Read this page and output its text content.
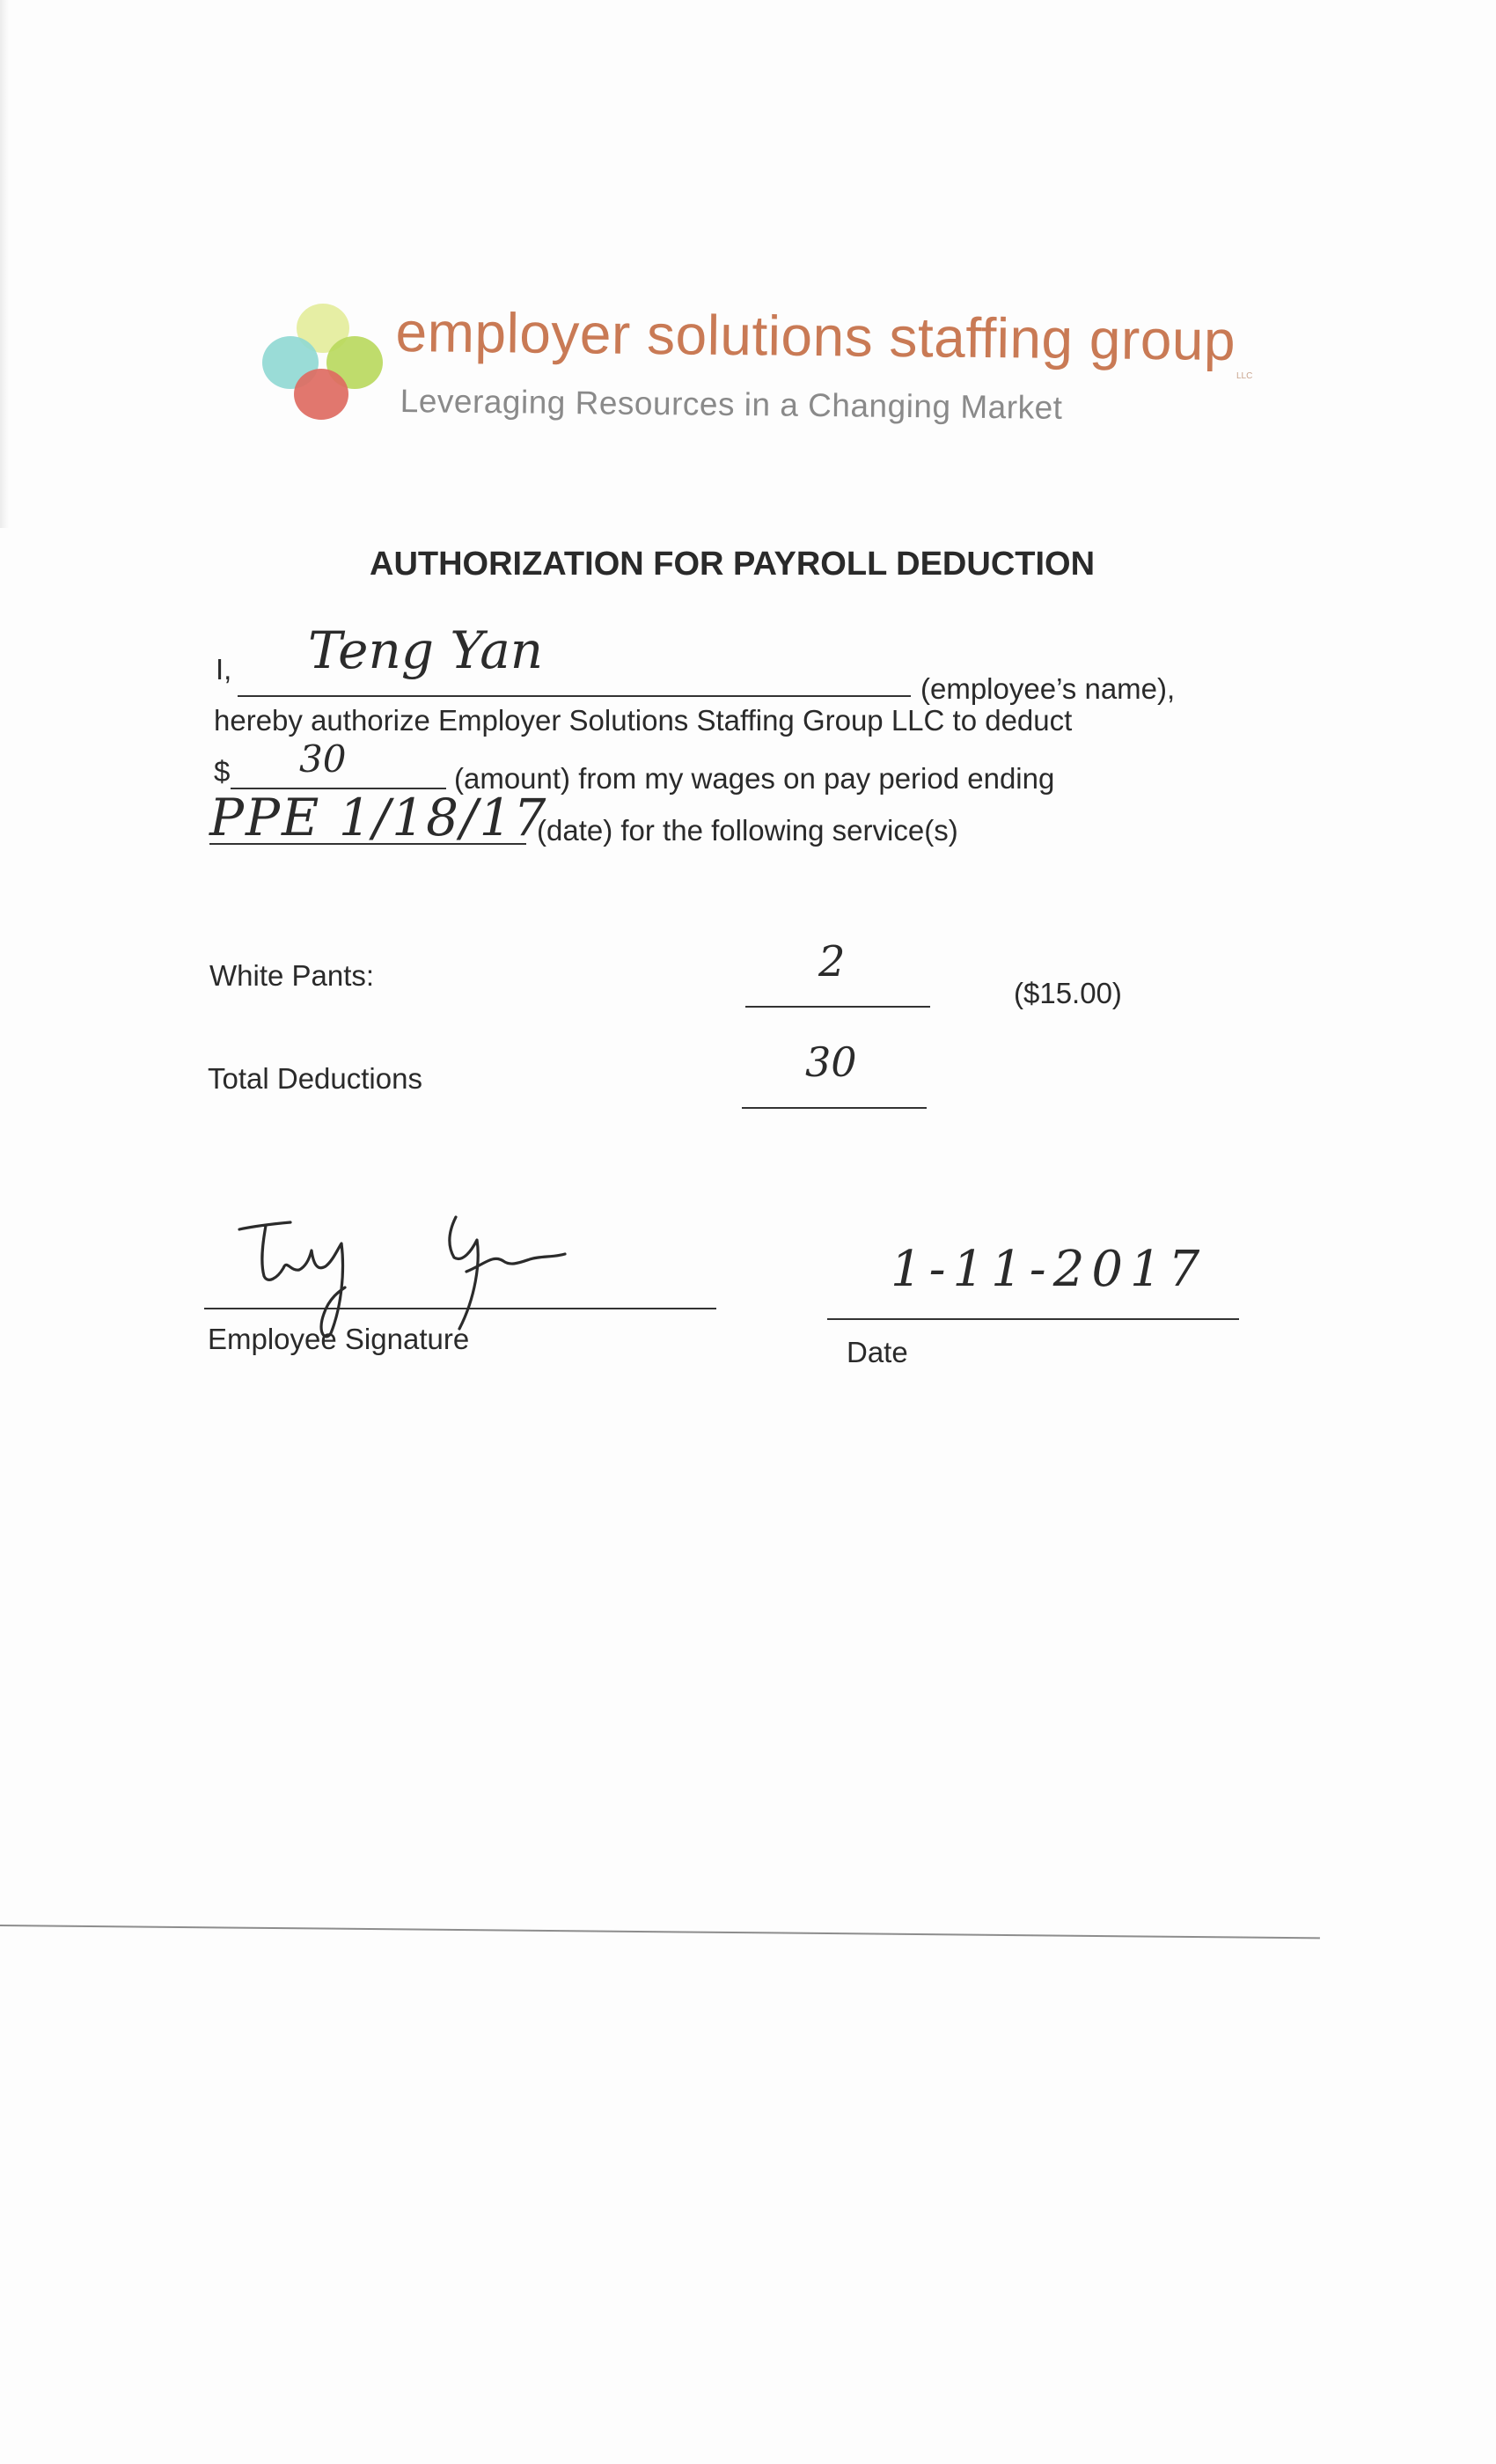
employer solutions staffing group
LLC
Leveraging Resources in a Changing Market
AUTHORIZATION FOR PAYROLL DEDUCTION
I, Teng Yan
(employee’s name),
hereby authorize Employer Solutions Staffing Group LLC to deduct
$ 30	(amount) from my wages on pay period ending
PPE 1/18/17
(date) for the following service(s)
White Pants:	2
($15.00)
Total Deductions	30
Employee Signature
1-11-2017
Date
